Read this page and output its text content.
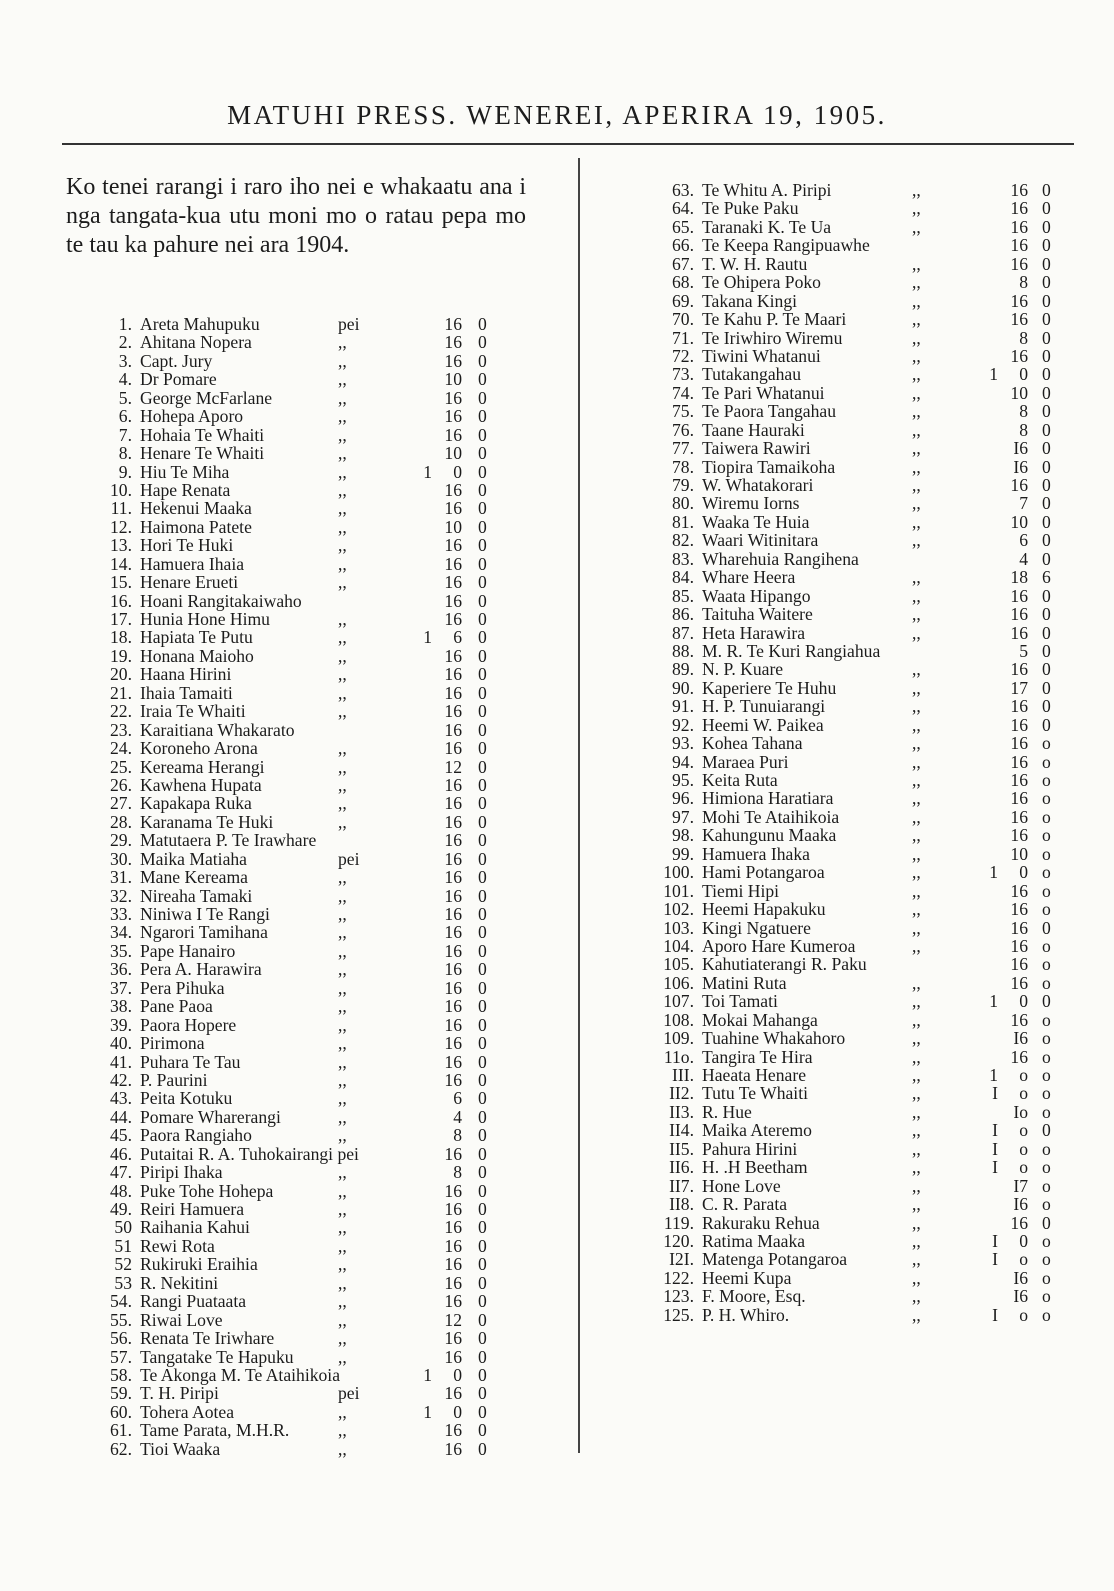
MATUHI PRESS. WENEREI, APERIRA 19, 1905.
Ko tenei rarangi i raro iho nei e whakaatu ana i nga tangata-kua utu moni mo o ratau pepa mo te tau ka pahure nei ara 1904.
1. Areta Mahupuku	pei	16 0
2. Ahitana Nopera	,,	16 0
3. Capt. Jury	,,	16 0
4. Dr Pomare	,,	10 0
5. George McFarlane	,,	16 0
6. Hohepa Aporo	,,	16 0
7. Hohaia Te Whaiti	,,	16 0
8. Henare Te Whaiti	,,	10 0
9. Hiu Te Miha	,,	1	0 0
10. Hape Renata	,,	16 0
11. Hekenui Maaka	,,	16 0
12. Haimona Patete	,,	10 0
13. Hori Te Huki	,,	16 0
14. Hamuera Ihaia	,,	16 0
15. Henare Erueti	,,	16 0
16. Hoani Rangitakaiwaho	16 0
17. Hunia Hone Himu	,,	16 0
18. Hapiata Te Putu	,,	1	6 0
19. Honana Maioho	,,	16 0
20. Haana Hirini	,,	16 0
21. Ihaia Tamaiti	,,	16 0
22. Iraia Te Whaiti	,,	16 0
23. Karaitiana Whakarato	16 0
24. Koroneho Arona	,,	16 0
25. Kereama Herangi	,,	12 0
26. Kawhena Hupata	,,	16 0
27. Kapakapa Ruka	,,	16 0
28. Karanama Te Huki	,,	16 0
29. Matutaera P. Te Irawhare	16 0
30. Maika Matiaha	pei	16 0
31. Mane Kereama	,,	16 0
32. Nireaha Tamaki	,,	16 0
33. Niniwa I Te Rangi	,,	16 0
34. Ngarori Tamihana	,,	16 0
35. Pape Hanairo	,,	16 0
36. Pera A. Harawira	,,	16 0
37. Pera Pihuka	,,	16 0
38. Pane Paoa	,,	16 0
39. Paora Hopere	,,	16 0
40. Pirimona	,,	16 0
41. Puhara Te Tau	,,	16 0
42. P. Paurini	,,	16 0
43. Peita Kotuku	,,	6 0
44. Pomare Wharerangi	,,	4 0
45. Paora Rangiaho	,,	8 0
46. Putaitai R. A. Tuhokairangi pei	16 0
47. Piripi Ihaka	,,	8 0
48. Puke Tohe Hohepa	,,	16 0
49. Reiri Hamuera	,,	16 0
50 Raihania Kahui	,,	16 0
51 Rewi Rota	,,	16 0
52 Rukiruki Eraihia	,,	16 0
53 R. Nekitini	,,	16 0
54. Rangi Puataata	,,	16 0
55. Riwai Love	,,	12 0
56. Renata Te Iriwhare	,,	16 0
57. Tangatake Te Hapuku	,,	16 0
58. Te Akonga M. Te Ataihikoia	1	0 0
59. T. H. Piripi	pei	16 0
60. Tohera Aotea	,,	1	0 0
61. Tame Parata, M.H.R.	,,	16 0
62. Tioi Waaka	,,	16 0
63. Te Whitu A. Piripi	,,	16 0
64. Te Puke Paku	,,	16 0
65. Taranaki K. Te Ua	,,	16 0
66. Te Keepa Rangipuawhe	16 0
67. T. W. H. Rautu	,,	16 0
68. Te Ohipera Poko	,,	8 0
69. Takana Kingi	,,	16 0
70. Te Kahu P. Te Maari	,,	16 0
71. Te Iriwhiro Wiremu	,,	8 0
72. Tiwini Whatanui	,,	16 0
73. Tutakangahau	,,	1	0 0
74. Te Pari Whatanui	,,	10 0
75. Te Paora Tangahau	,,	8 0
76. Taane Hauraki	,,	8 0
77. Taiwera Rawiri	,,	I6 0
78. Tiopira Tamaikoha	,,	I6 0
79. W. Whatakorari	,,	16 0
80. Wiremu Iorns	,,	7 0
81. Waaka Te Huia	,,	10 0
82. Waari Witinitara	,,	6 0
83. Wharehuia Rangihena	4 0
84. Whare Heera	,,	18 6
85. Waata Hipango	,,	16 0
86. Taituha Waitere	,,	16 0
87. Heta Harawira	,,	16 0
88. M. R. Te Kuri Rangiahua	5 0
89. N. P. Kuare	,,	16 0
90. Kaperiere Te Huhu	,,	17 0
91. H. P. Tunuiarangi	,,	16 0
92. Heemi W. Paikea	,,	16 0
93. Kohea Tahana	,,	16 o
94. Maraea Puri	,,	16 o
95. Keita Ruta	,,	16 o
96. Himiona Haratiara	,,	16 o
97. Mohi Te Ataihikoia	,,	16 o
98. Kahungunu Maaka	,,	16 o
99. Hamuera Ihaka	,,	10 o
100. Hami Potangaroa	,,	1	0 o
101. Tiemi Hipi	,,	16 o
102. Heemi Hapakuku	,,	16 o
103. Kingi Ngatuere	,,	16 0
104. Aporo Hare Kumeroa	,,	16 o
105. Kahutiaterangi R. Paku	16 o
106. Matini Ruta	,,	16 o
107. Toi Tamati	,,	1	0 0
108. Mokai Mahanga	,,	16 o
109. Tuahine Whakahoro	,,	I6 o
11o. Tangira Te Hira	,,	16 o
III. Haeata Henare	,,	1	o o
II2. Tutu Te Whaiti	,,	I	o o
II3. R. Hue	,,	Io o
II4. Maika Ateremo	,,	I	o 0
II5. Pahura Hirini	,,	I	o o
II6. H. .H Beetham	,,	I	o o
II7. Hone Love	,,	I7 o
II8. C. R. Parata	,,	I6 o
119. Rakuraku Rehua	,,	16 0
120. Ratima Maaka	,,	I	0 o
I2I. Matenga Potangaroa	,,	I	o o
122. Heemi Kupa	,,	I6 o
123. F. Moore, Esq.	,,	I6 o
125. P. H. Whiro.	,,	I	o o
